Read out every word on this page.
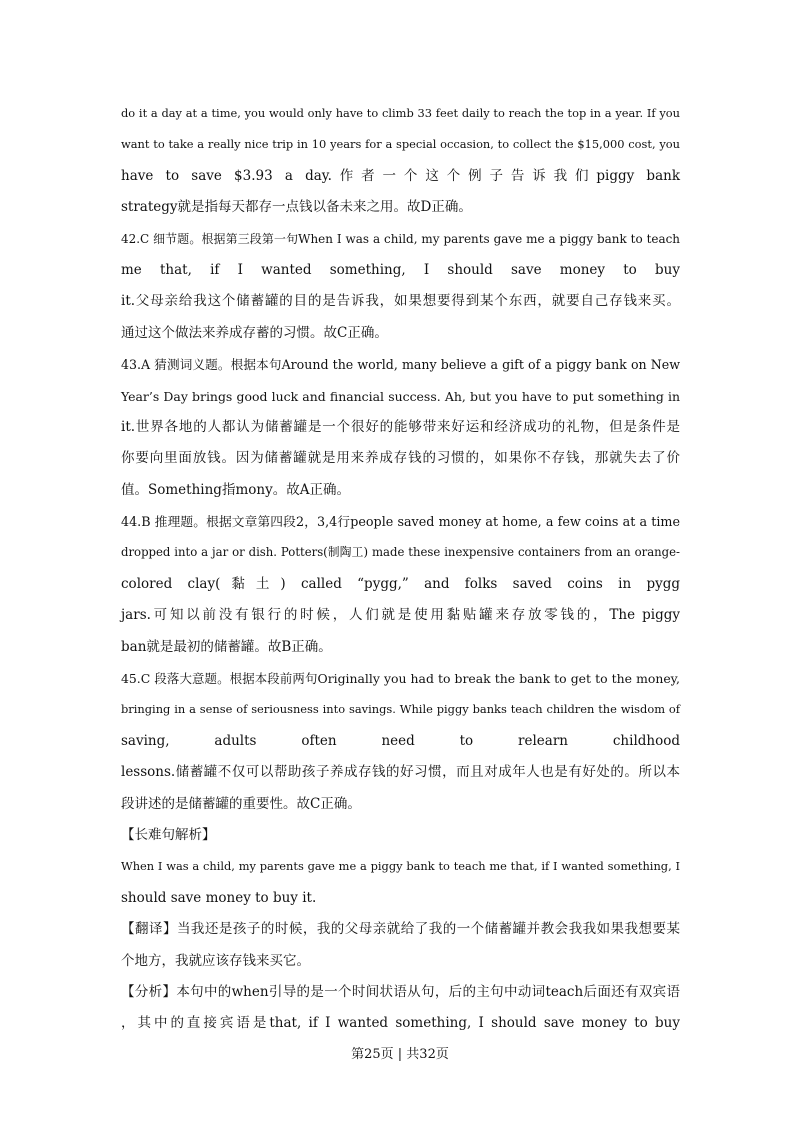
do it a day at a time, you would only have to climb 33 feet daily to reach the top in a year. If you
want to take a really nice trip in 10 years for a special occasion, to collect the $15,000 cost, you
have to save $3.93 a day.作者一个这个例子告诉我们piggy bank
strategy就是指每天都存一点钱以备未来之用。故D正确。
42.C 细节题。根据第三段第一句When I was a child, my parents gave me a piggy bank to teach
me that, if I wanted something, I should save money to buy
it.父母亲给我这个储蓄罐的目的是告诉我，如果想要得到某个东西，就要自己存钱来买。
通过这个做法来养成存蓄的习惯。故C正确。
43.A 猜测词义题。根据本句Around the world, many believe a gift of a piggy bank on New
Year’s Day brings good luck and financial success. Ah, but you have to put something in
it.世界各地的人都认为储蓄罐是一个很好的能够带来好运和经济成功的礼物，但是条件是
你要向里面放钱。因为储蓄罐就是用来养成存钱的习惯的，如果你不存钱，那就失去了价
值。Something指mony。故A正确。
44.B 推理题。根据文章第四段2，3,4行people saved money at home, a few coins at a time
dropped into a jar or dish. Potters(制陶工) made these inexpensive containers from an orange-
colored clay(黏土) called “pygg,” and folks saved coins in pygg
jars.可知以前没有银行的时候，人们就是使用黏贴罐来存放零钱的，The piggy
ban就是最初的储蓄罐。故B正确。
45.C 段落大意题。根据本段前两句Originally you had to break the bank to get to the money,
bringing in a sense of seriousness into savings. While piggy banks teach children the wisdom of
saving, adults often need to relearn childhood
lessons.储蓄罐不仅可以帮助孩子养成存钱的好习惯，而且对成年人也是有好处的。所以本
段讲述的是储蓄罐的重要性。故C正确。
【长难句解析】
When I was a child, my parents gave me a piggy bank to teach me that, if I wanted something, I
should save money to buy it.
【翻译】当我还是孩子的时候，我的父母亲就给了我的一个储蓄罐并教会我我如果我想要某
个地方，我就应该存钱来买它。
【分析】本句中的when引导的是一个时间状语从句，后的主句中动词teach后面还有双宾语
，其中的直接宾语是that, if I wanted something, I should save money to buy
第25页 | 共32页
